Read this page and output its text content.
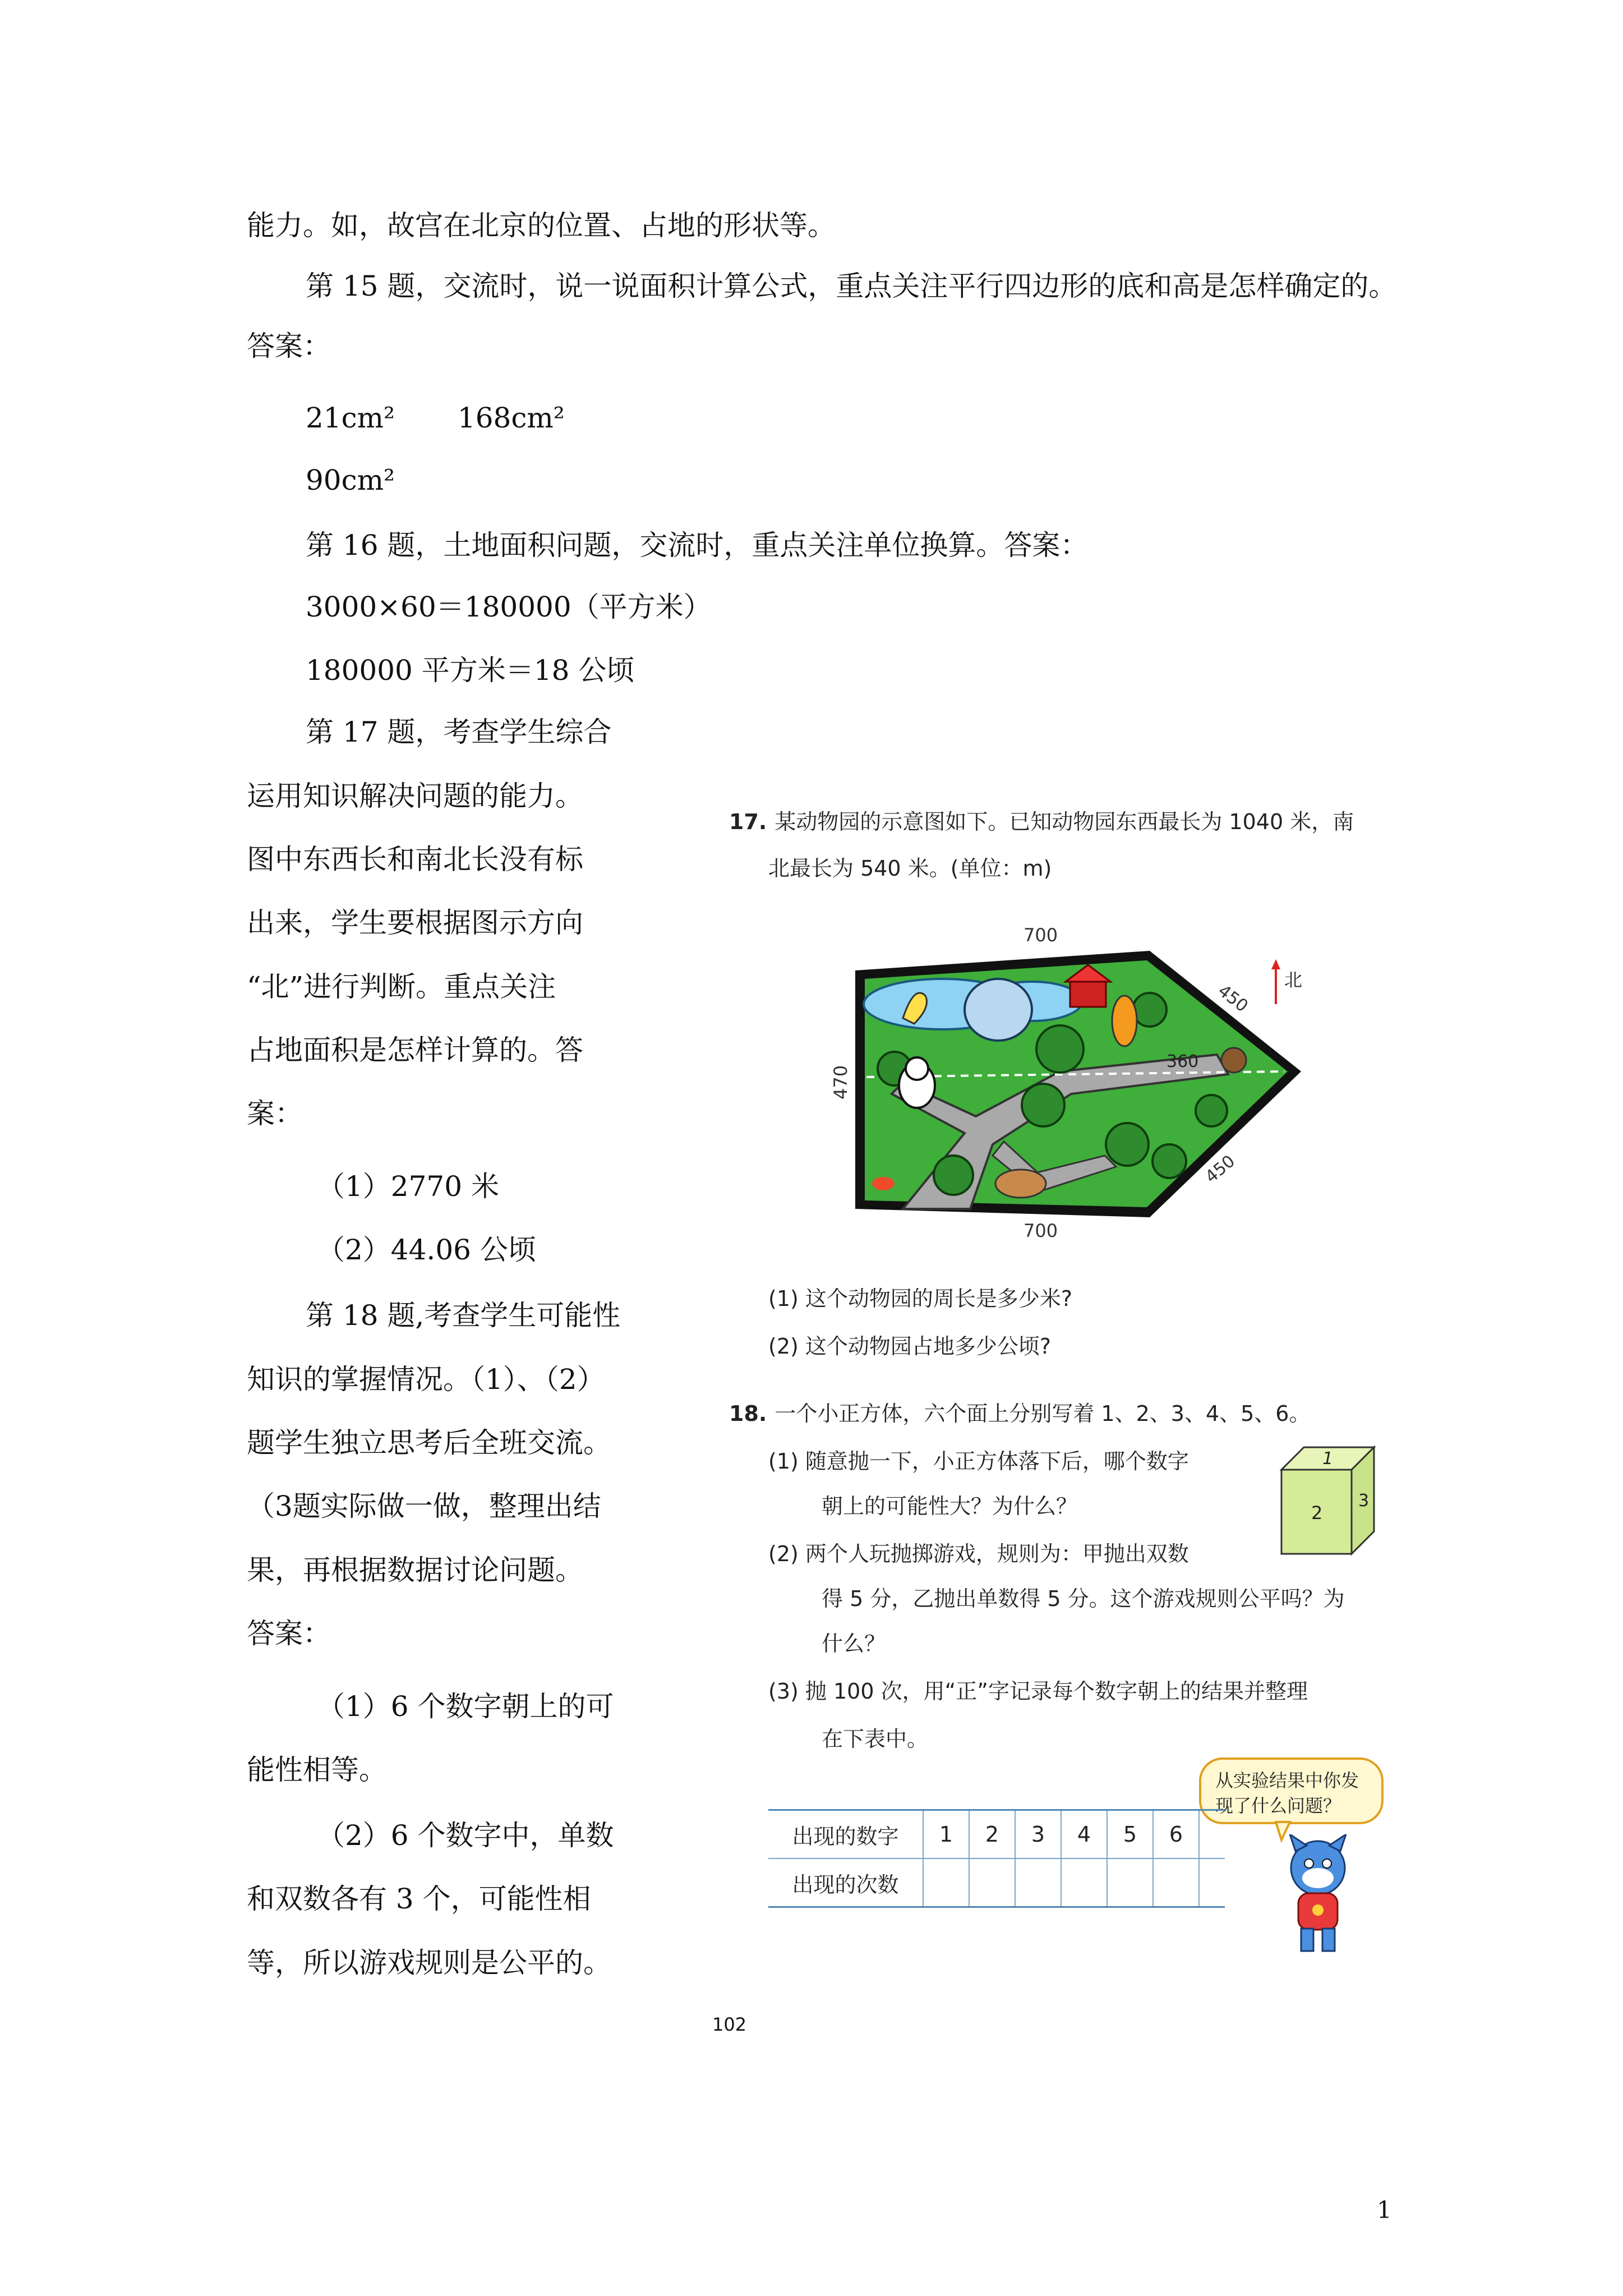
能力。如，故宫在北京的位置、占地的形状等。
第 15 题，交流时，说一说面积计算公式，重点关注平行四边形的底和高是怎样确定的。
答案：
21cm² 168cm²
90cm²
第 16 题，土地面积问题，交流时，重点关注单位换算。答案：
3000×60＝180000（平方米）
180000 平方米＝18 公顷
第 17 题，考查学生综合
运用知识解决问题的能力。
图中东西长和南北长没有标
出来，学生要根据图示方向
“北”进行判断。重点关注
占地面积是怎样计算的。答
案：
（1）2770 米
（2）44.06 公顷
第 18 题,考查学生可能性
知识的掌握情况。（1）、（2）
题学生独立思考后全班交流。
（3题实际做一做，整理出结
果，再根据数据讨论问题。
答案：
（1）6 个数字朝上的可
能性相等。
（2）6 个数字中，单数
和双数各有 3 个，可能性相
等，所以游戏规则是公平的。
17. 某动物园的示意图如下。已知动物园东西最长为 1040 米，南
北最长为 540 米。(单位：m)
700
700
470
450
450
360
北
(1) 这个动物园的周长是多少米?
(2) 这个动物园占地多少公顷?
18. 一个小正方体，六个面上分别写着 1、2、3、4、5、6。
(1) 随意抛一下，小正方体落下后，哪个数字
朝上的可能性大？为什么？
(2) 两个人玩抛掷游戏，规则为：甲抛出双数
得 5 分，乙抛出单数得 5 分。这个游戏规则公平吗？为
什么？
(3) 抛 100 次，用“正”字记录每个数字朝上的结果并整理
在下表中。
1
2
3
从实验结果中你发
现了什么问题？
出现的数字	1	2	3	4	5	6	
出现的次数							
102
1
